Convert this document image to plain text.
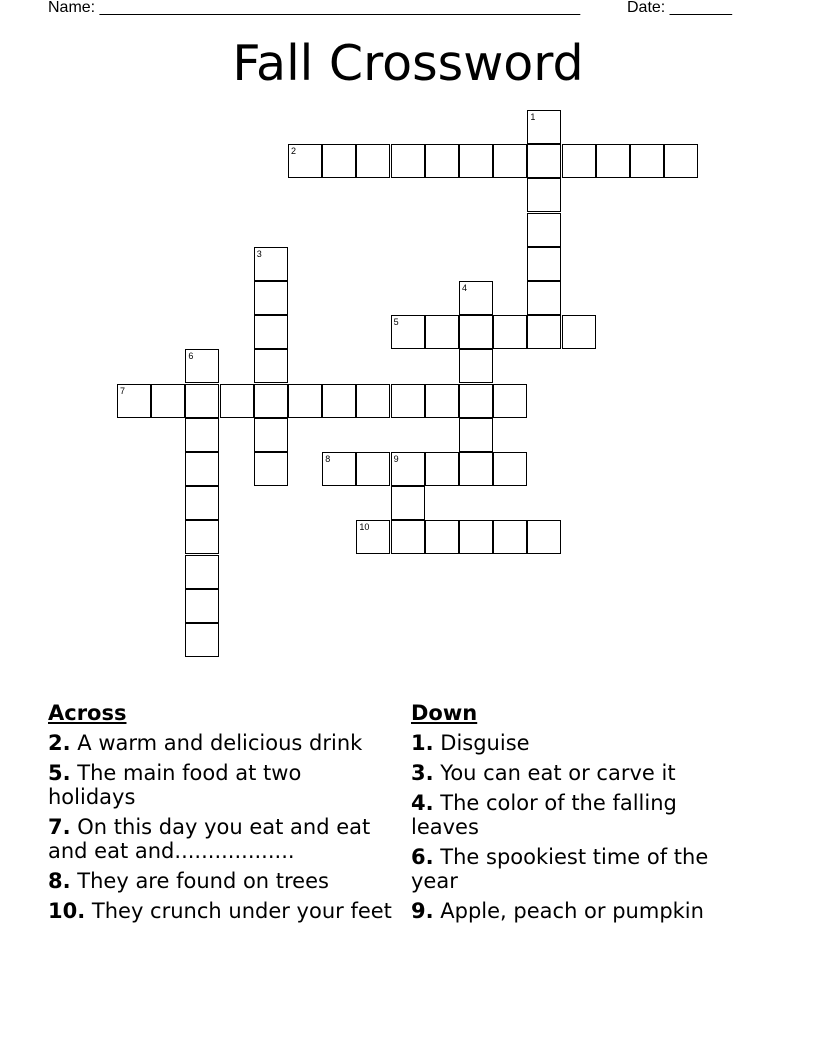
Name: ______________________________________________________	Date: _______
Fall Crossword
1
2
3
4
5
6
7
8	9
10
Across
2. A warm and delicious drink
5. The main food at two holidays
7. On this day you eat and eat and eat and..................
8. They are found on trees
10. They crunch under your feet
Down
1. Disguise
3. You can eat or carve it
4. The color of the falling leaves
6. The spookiest time of the year
9. Apple, peach or pumpkin
